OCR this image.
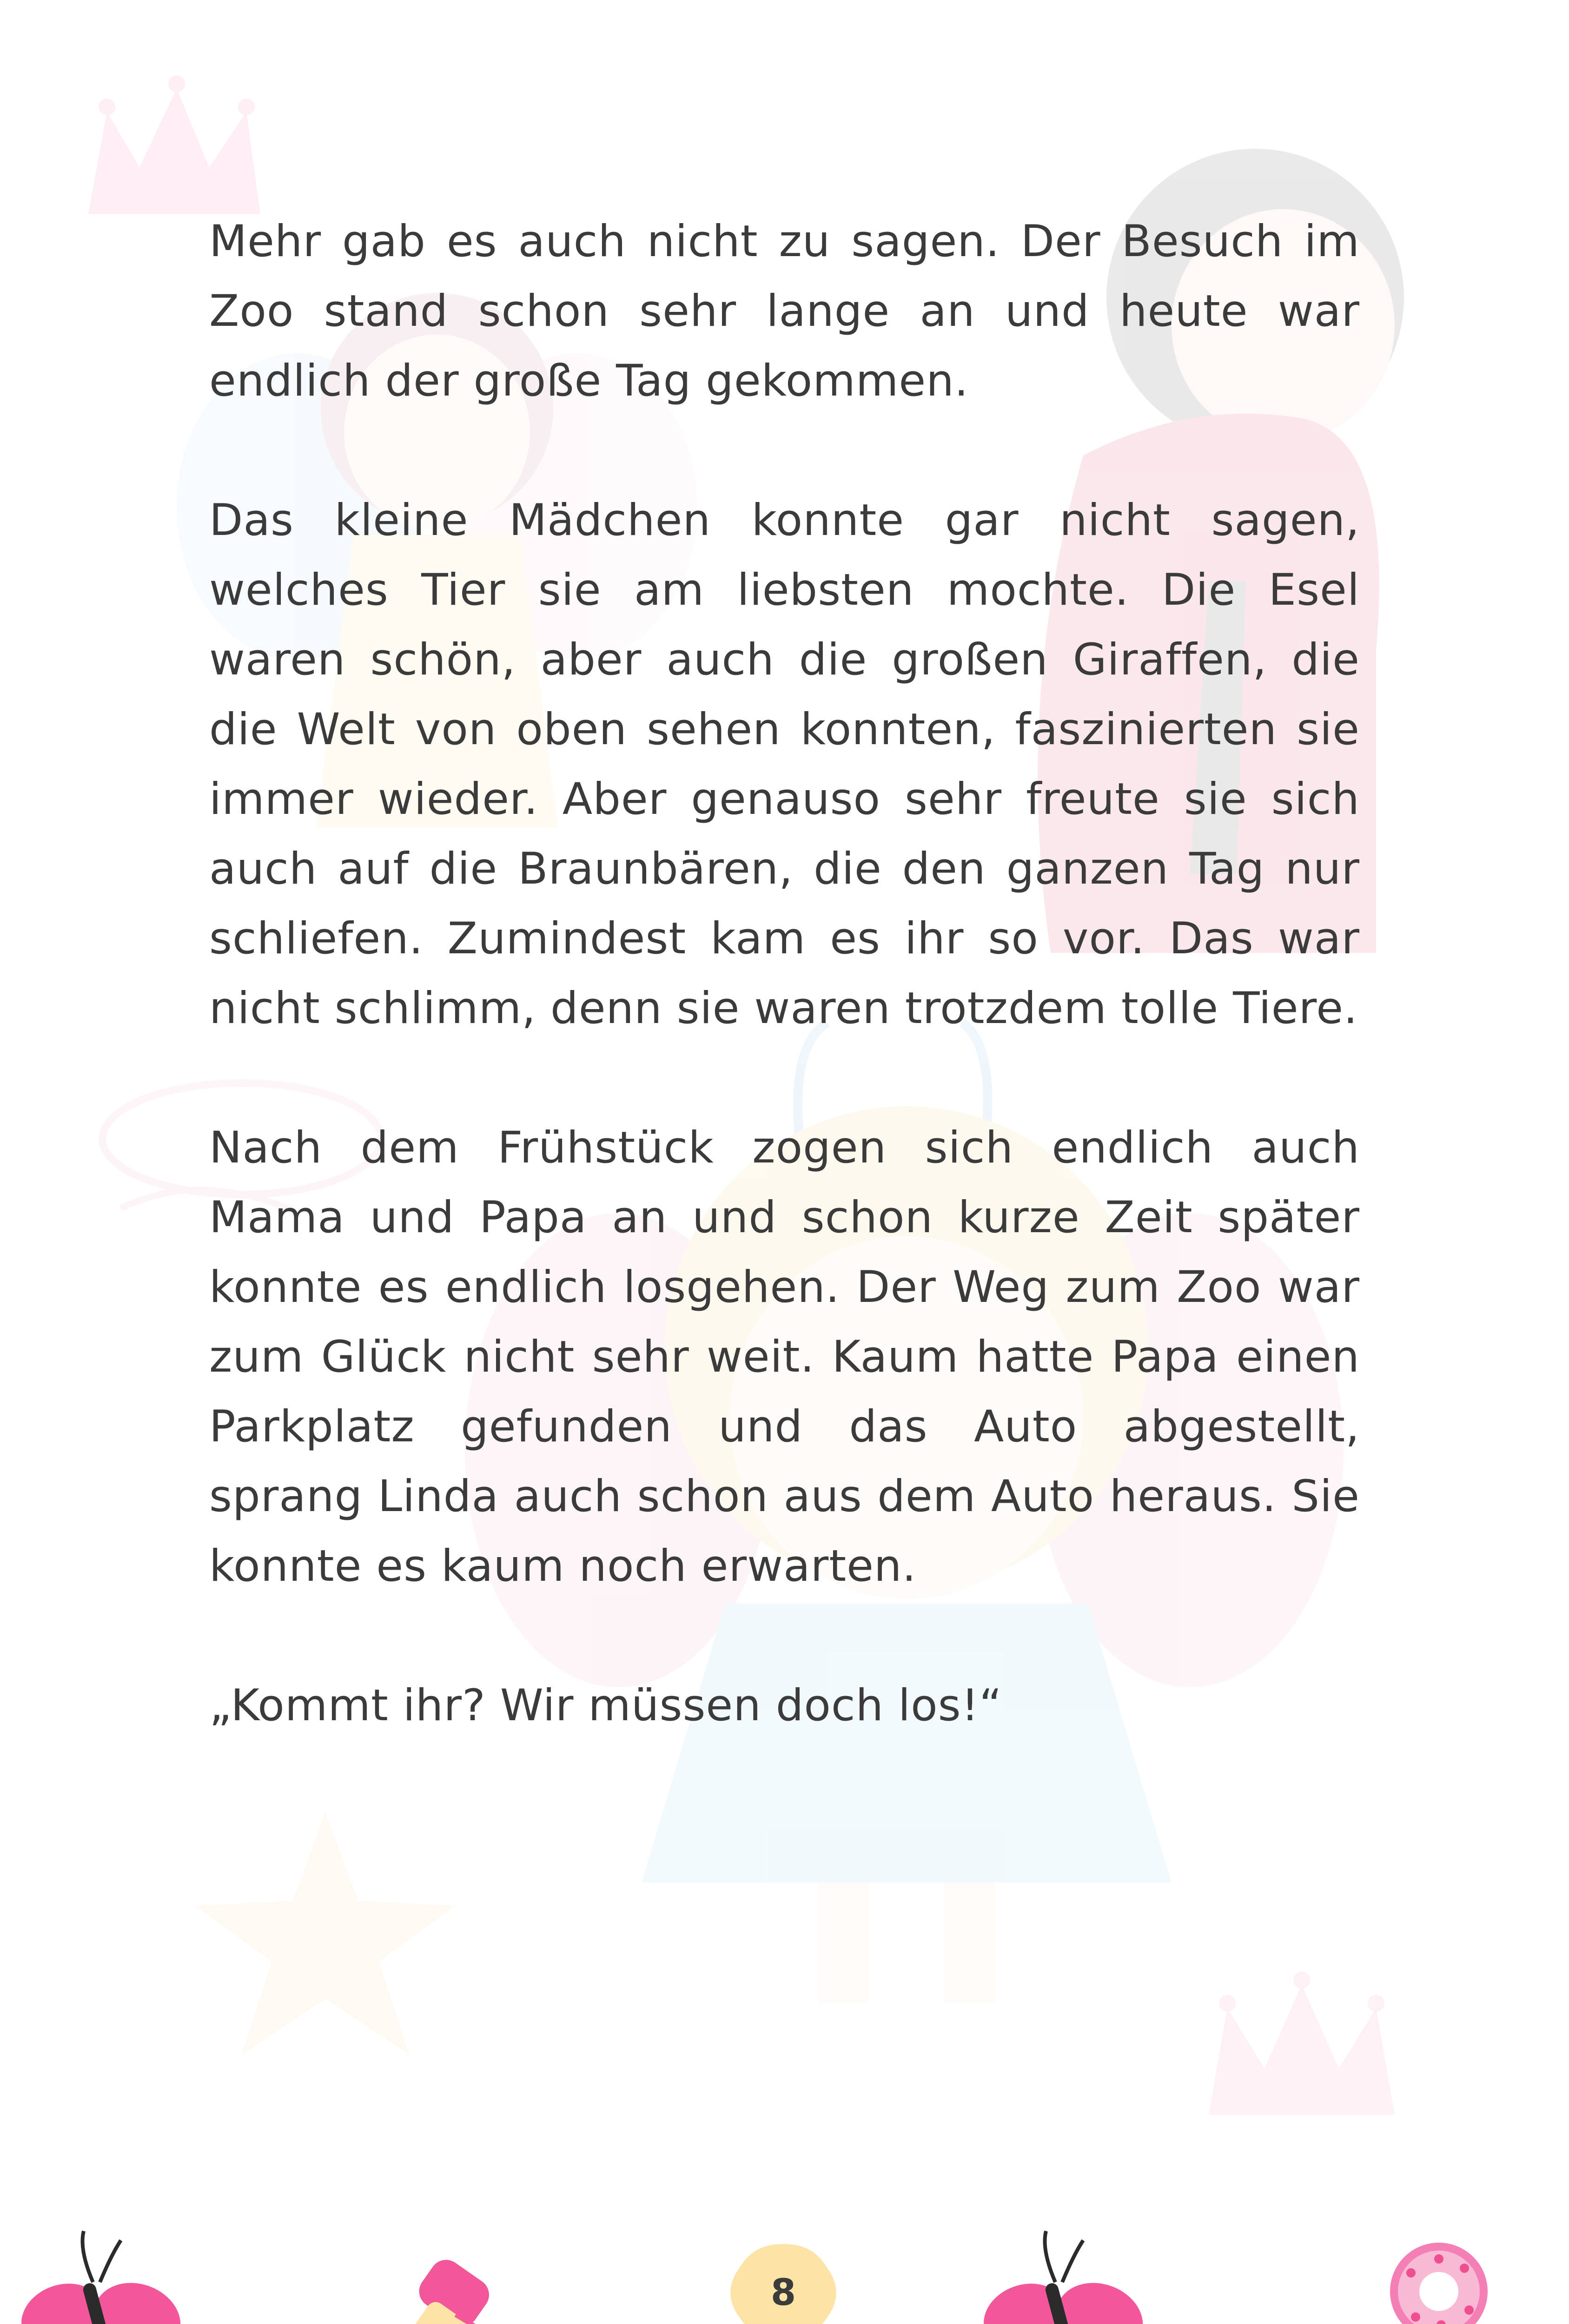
Mehr gab es auch nicht zu sagen. Der Besuch im Zoo stand schon sehr lange an und heute war endlich der große Tag gekommen.

Das kleine Mädchen konnte gar nicht sagen, welches Tier sie am liebsten mochte. Die Esel waren schön, aber auch die großen Giraffen, die die Welt von oben sehen konnten, faszinierten sie immer wieder. Aber genauso sehr freute sie sich auch auf die Braunbären, die den ganzen Tag nur schliefen. Zumindest kam es ihr so vor. Das war nicht schlimm, denn sie waren trotzdem tolle Tiere.

Nach dem Frühstück zogen sich endlich auch Mama und Papa an und schon kurze Zeit später konnte es endlich losgehen. Der Weg zum Zoo war zum Glück nicht sehr weit. Kaum hatte Papa einen Parkplatz gefunden und das Auto abgestellt, sprang Linda auch schon aus dem Auto heraus. Sie konnte es kaum noch erwarten.

„Kommt ihr? Wir müssen doch los!“

8
